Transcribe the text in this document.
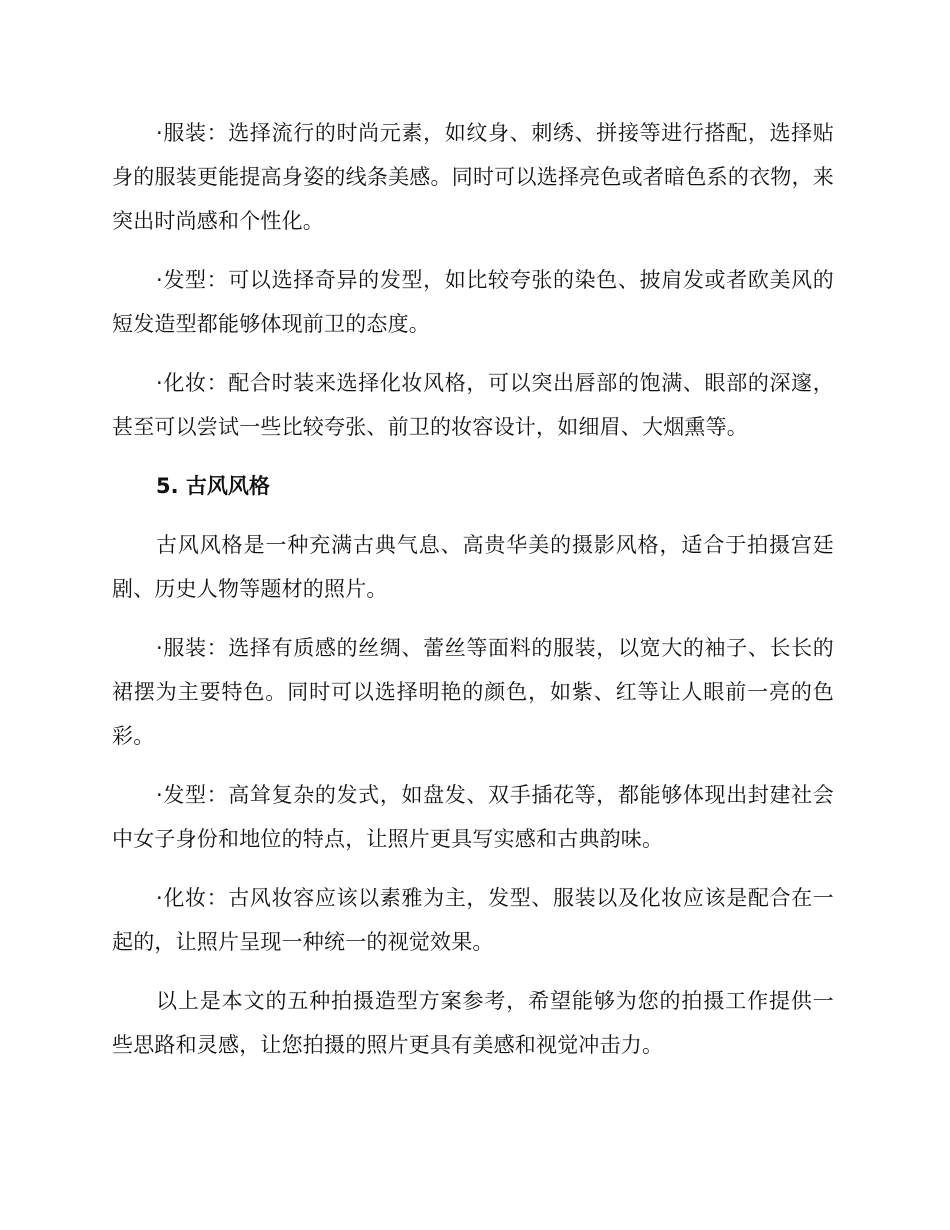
·服装：选择流行的时尚元素，如纹身、刺绣、拼接等进行搭配，选择贴身的服装更能提高身姿的线条美感。同时可以选择亮色或者暗色系的衣物，来突出时尚感和个性化。

·发型：可以选择奇异的发型，如比较夸张的染色、披肩发或者欧美风的短发造型都能够体现前卫的态度。

·化妆：配合时装来选择化妆风格，可以突出唇部的饱满、眼部的深邃，甚至可以尝试一些比较夸张、前卫的妆容设计，如细眉、大烟熏等。

5. 古风风格

古风风格是一种充满古典气息、高贵华美的摄影风格，适合于拍摄宫廷剧、历史人物等题材的照片。

·服装：选择有质感的丝绸、蕾丝等面料的服装，以宽大的袖子、长长的裙摆为主要特色。同时可以选择明艳的颜色，如紫、红等让人眼前一亮的色彩。

·发型：高耸复杂的发式，如盘发、双手插花等，都能够体现出封建社会中女子身份和地位的特点，让照片更具写实感和古典韵味。

·化妆：古风妆容应该以素雅为主，发型、服装以及化妆应该是配合在一起的，让照片呈现一种统一的视觉效果。

以上是本文的五种拍摄造型方案参考，希望能够为您的拍摄工作提供一些思路和灵感，让您拍摄的照片更具有美感和视觉冲击力。
